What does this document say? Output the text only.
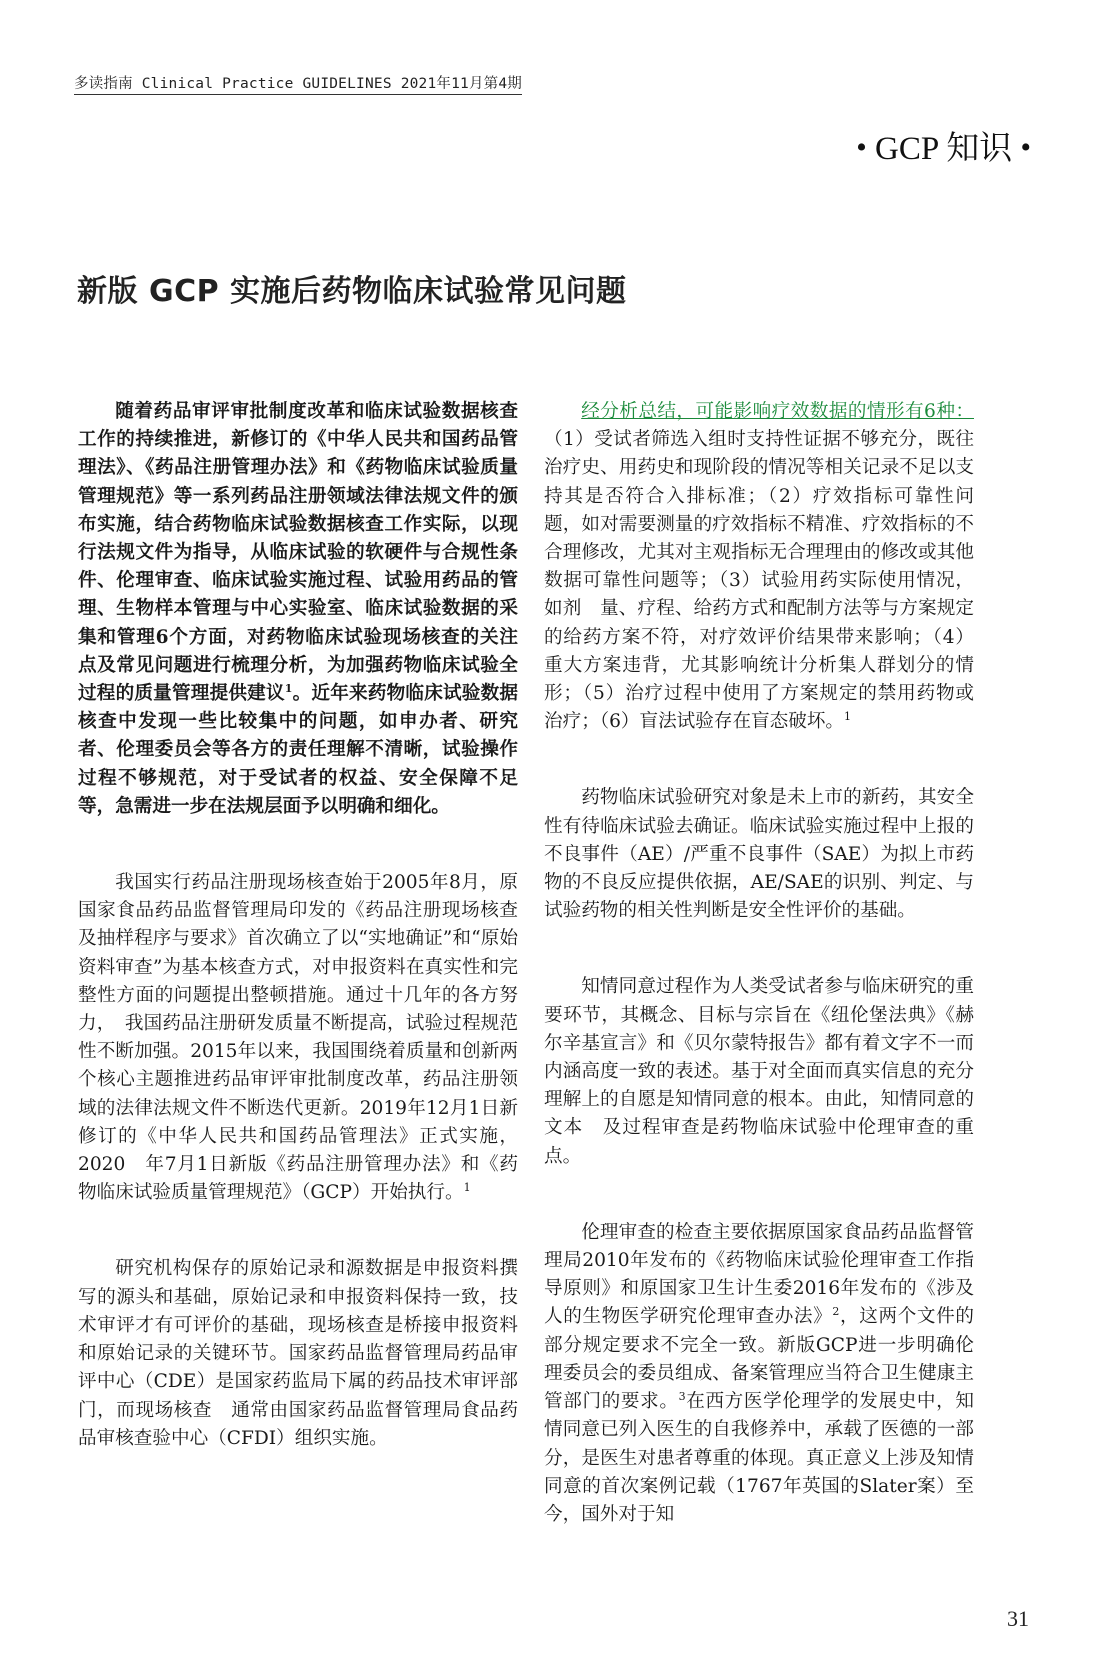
多读指南 Clinical Practice GUIDELINES 2021年11月第4期
• GCP 知识 •
新版 GCP 实施后药物临床试验常见问题

随着药品审评审批制度改革和临床试验数据核查工作的持续推进，新修订的《中华人民共和国药品管理法》、《药品注册管理办法》和《药物临床试验质量管理规范》等一系列药品注册领域法律法规文件的颁布实施，结合药物临床试验数据核查工作实际，以现行法规文件为指导，从临床试验的软硬件与合规性条件、伦理审查、临床试验实施过程、试验用药品的管理、生物样本管理与中心实验室、临床试验数据的采集和管理6个方面，对药物临床试验现场核查的关注点及常见问题进行梳理分析，为加强药物临床试验全过程的质量管理提供建议$^1$。近年来药物临床试验数据核查中发现一些比较集中的问题，如申办者、研究者、伦理委员会等各方的责任理解不清晰，试验操作过程不够规范，对于受试者的权益、安全保障不足等，急需进一步在法规层面予以明确和细化。

我国实行药品注册现场核查始于2005年8月，原国家食品药品监督管理局印发的《药品注册现场核查及抽样程序与要求》首次确立了以“实地确证”和“原始资料审查”为基本核查方式，对申报资料在真实性和完整性方面的问题提出整顿措施。通过十几年的各方努力，　我国药品注册研发质量不断提高，试验过程规范性不断加强。2015年以来，我国围绕着质量和创新两个核心主题推进药品审评审批制度改革，药品注册领域的法律法规文件不断迭代更新。2019年12月1日新修订的《中华人民共和国药品管理法》正式实施，2020　年7月1日新版《药品注册管理办法》和《药物临床试验质量管理规范》（GCP）开始执行。$^1$

研究机构保存的原始记录和源数据是申报资料撰写的源头和基础，原始记录和申报资料保持一致，技术审评才有可评价的基础，现场核查是桥接申报资料和原始记录的关键环节。国家药品监督管理局药品审评中心（CDE）是国家药监局下属的药品技术审评部门，而现场核查　通常由国家药品监督管理局食品药品审核查验中心（CFDI）组织实施。

经分析总结，可能影响疗效数据的情形有6种：（1）受试者筛选入组时支持性证据不够充分，既往治疗史、用药史和现阶段的情况等相关记录不足以支持其是否符合入排标准；（2）疗效指标可靠性问题，如对需要测量的疗效指标不精准、疗效指标的不合理修改，尤其对主观指标无合理理由的修改或其他数据可靠性问题等；（3）试验用药实际使用情况，如剂　量、疗程、给药方式和配制方法等与方案规定的给药方案不符，对疗效评价结果带来影响；（4）重大方案违背，尤其影响统计分析集人群划分的情形；（5）治疗过程中使用了方案规定的禁用药物或治疗；（6）盲法试验存在盲态破坏。$^1$

药物临床试验研究对象是未上市的新药，其安全性有待临床试验去确证。临床试验实施过程中上报的不良事件（AE）/严重不良事件（SAE）为拟上市药物的不良反应提供依据，AE/SAE的识别、判定、与试验药物的相关性判断是安全性评价的基础。

知情同意过程作为人类受试者参与临床研究的重要环节，其概念、目标与宗旨在《纽伦堡法典》《赫尔辛基宣言》和《贝尔蒙特报告》都有着文字不一而内涵高度一致的表述。基于对全面而真实信息的充分理解上的自愿是知情同意的根本。由此，知情同意的文本　及过程审查是药物临床试验中伦理审查的重点。

伦理审查的检查主要依据原国家食品药品监督管理局2010年发布的《药物临床试验伦理审查工作指导原则》和原国家卫生计生委2016年发布的《涉及人的生物医学研究伦理审查办法》$^2$，这两个文件的部分规定要求不完全一致。新版GCP进一步明确伦理委员会的委员组成、备案管理应当符合卫生健康主管部门的要求。$^3$在西方医学伦理学的发展史中，知情同意已列入医生的自我修养中，承载了医德的一部分，是医生对患者尊重的体现。真正意义上涉及知情同意的首次案例记载（1767年英国的Slater案）至今，国外对于知

31
